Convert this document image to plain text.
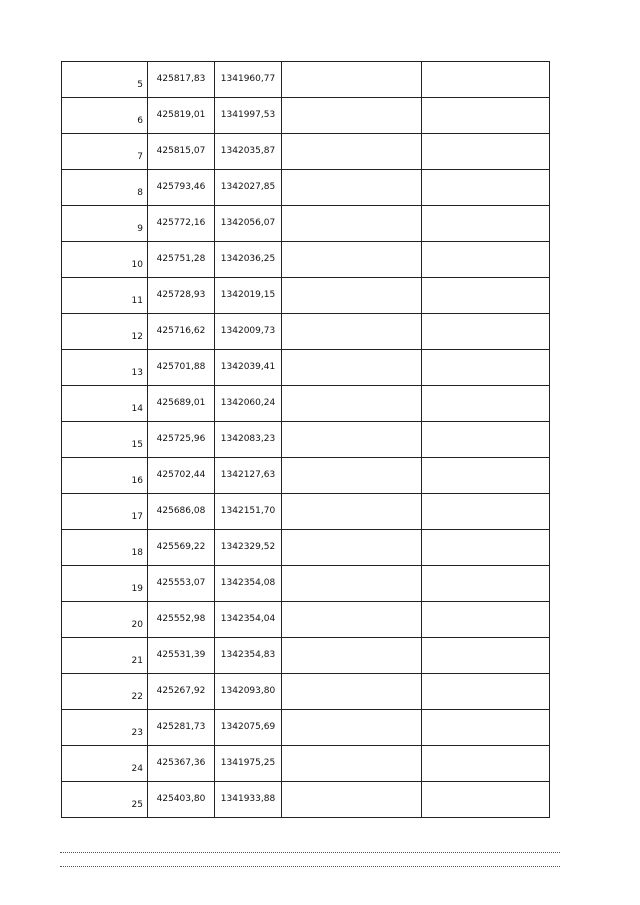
5	425817,83	1341960,77		
6	425819,01	1341997,53		
7	425815,07	1342035,87		
8	425793,46	1342027,85		
9	425772,16	1342056,07		
10	425751,28	1342036,25		
11	425728,93	1342019,15		
12	425716,62	1342009,73		
13	425701,88	1342039,41		
14	425689,01	1342060,24		
15	425725,96	1342083,23		
16	425702,44	1342127,63		
17	425686,08	1342151,70		
18	425569,22	1342329,52		
19	425553,07	1342354,08		
20	425552,98	1342354,04		
21	425531,39	1342354,83		
22	425267,92	1342093,80		
23	425281,73	1342075,69		
24	425367,36	1341975,25		
25	425403,80	1341933,88		
